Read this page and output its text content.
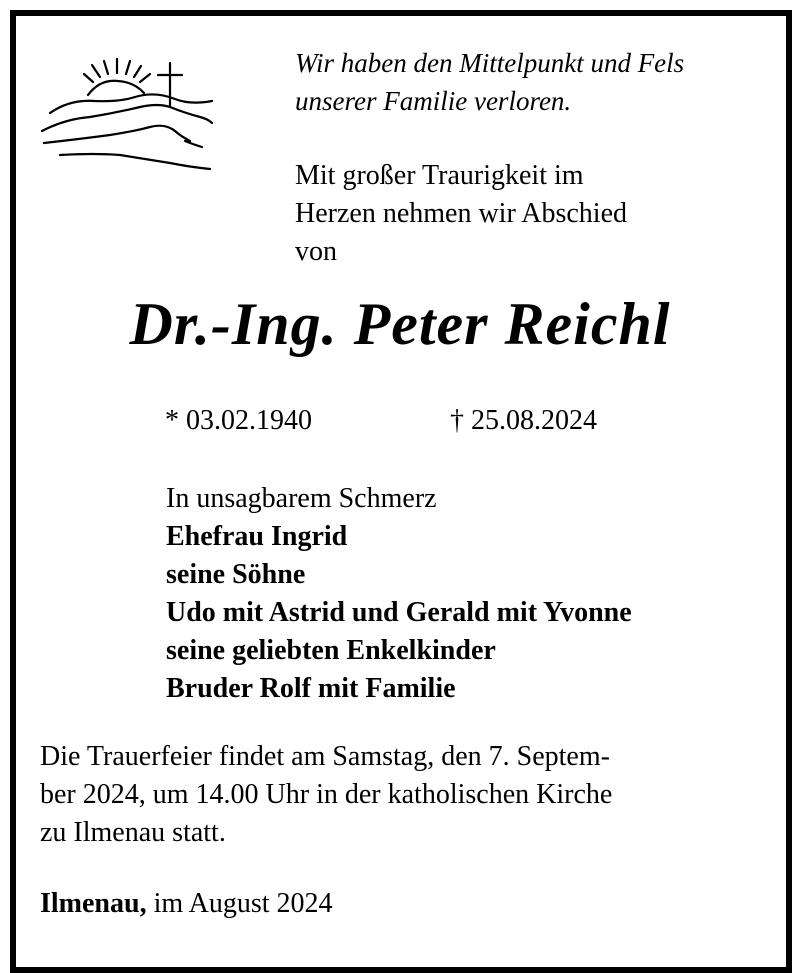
Wir haben den Mittelpunkt und Fels
unserer Familie verloren.
Mit großer Traurigkeit im
Herzen nehmen wir Abschied
von
Dr.-Ing. Peter Reichl
* 03.02.1940	† 25.08.2024
In unsagbarem Schmerz
Ehefrau Ingrid
seine Söhne
Udo mit Astrid und Gerald mit Yvonne
seine geliebten Enkelkinder
Bruder Rolf mit Familie
Die Trauerfeier findet am Samstag, den 7. Septem-
ber 2024, um 14.00 Uhr in der katholischen Kirche
zu Ilmenau statt.
Ilmenau, im August 2024
